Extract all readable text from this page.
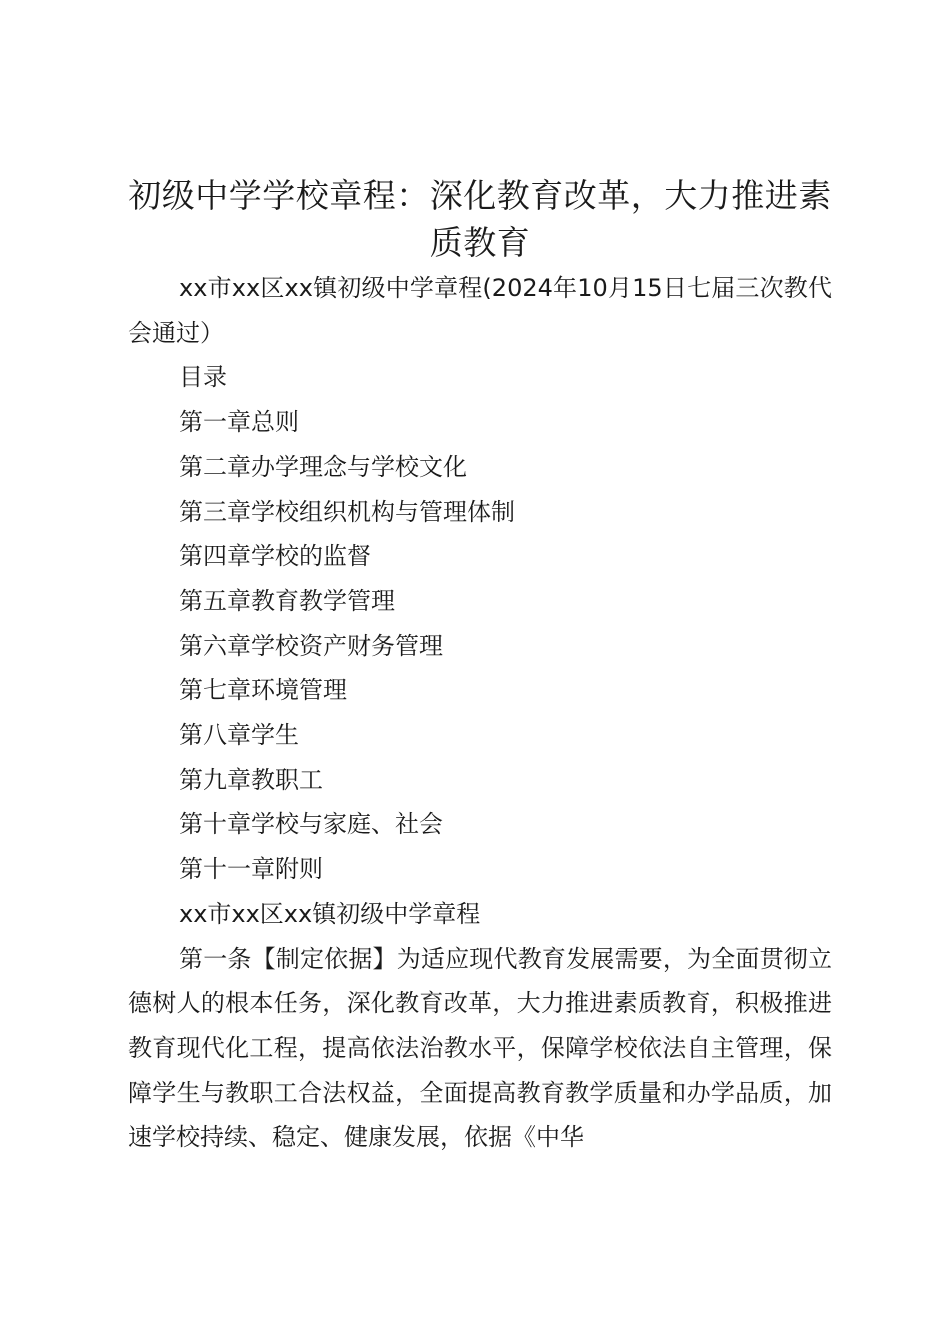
初级中学学校章程：深化教育改革，大力推进素质教育

xx市xx区xx镇初级中学章程(2024年10月15日七届三次教代会通过）

目录
第一章总则
第二章办学理念与学校文化
第三章学校组织机构与管理体制
第四章学校的监督
第五章教育教学管理
第六章学校资产财务管理
第七章环境管理
第八章学生
第九章教职工
第十章学校与家庭、社会
第十一章附则

xx市xx区xx镇初级中学章程

第一条【制定依据】为适应现代教育发展需要，为全面贯彻立德树人的根本任务，深化教育改革，大力推进素质教育，积极推进教育现代化工程，提高依法治教水平，保障学校依法自主管理，保障学生与教职工合法权益，全面提高教育教学质量和办学品质，加速学校持续、稳定、健康发展，依据《中华
